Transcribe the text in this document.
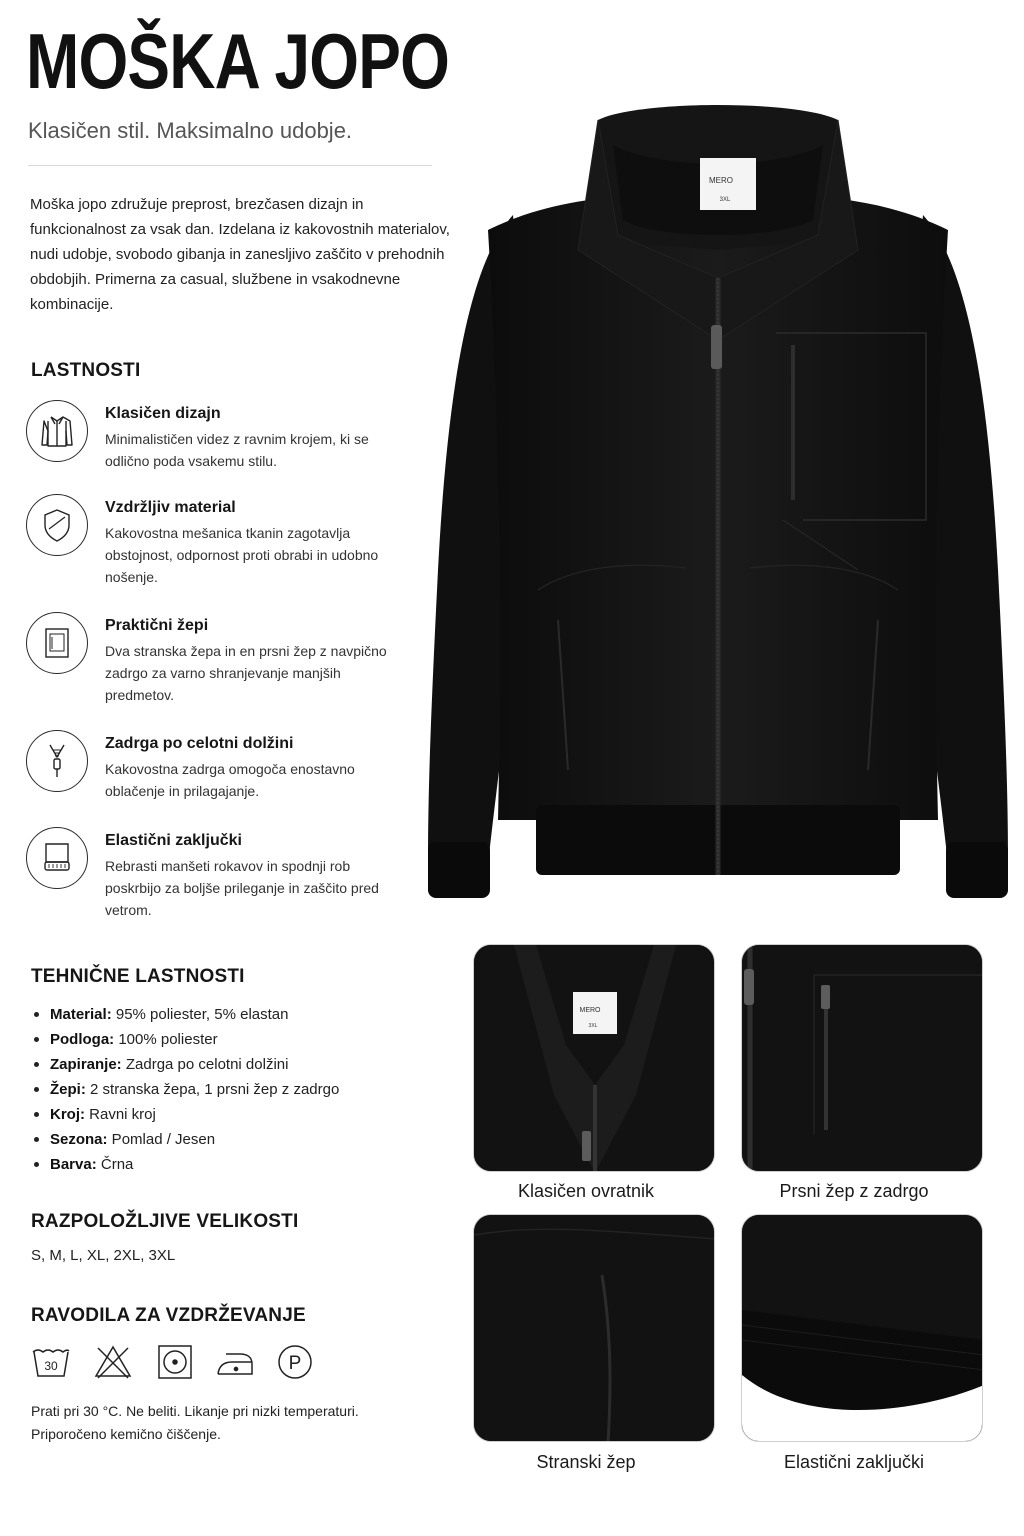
MOŠKA JOPO
Klasičen stil. Maksimalno udobje.
Moška jopo združuje preprost, brezčasen dizajn in funkcionalnost za vsak dan. Izdelana iz kakovostnih materialov, nudi udobje, svobodo gibanja in zanesljivo zaščito v prehodnih obdobjih. Primerna za casual, službene in vsakodnevne kombinacije.
LASTNOSTI
Klasičen dizajn
Minimalističen videz z ravnim krojem, ki se odlično poda vsakemu stilu.
Vzdržljiv material
Kakovostna mešanica tkanin zagotavlja obstojnost, odpornost proti obrabi in udobno nošenje.
Praktični žepi
Dva stranska žepa in en prsni žep z navpično zadrgo za varno shranjevanje manjših predmetov.
Zadrga po celotni dolžini
Kakovostna zadrga omogoča enostavno oblačenje in prilagajanje.
Elastični zaključki
Rebrasti manšeti rokavov in spodnji rob poskrbijo za boljše prileganje in zaščito pred vetrom.
TEHNIČNE LASTNOSTI
Material: 95% poliester, 5% elastan
Podloga: 100% poliester
Zapiranje: Zadrga po celotni dolžini
Žepi: 2 stranska žepa, 1 prsni žep z zadrgo
Kroj: Ravni kroj
Sezona: Pomlad / Jesen
Barva: Črna
RAZPOLOŽLJIVE VELIKOSTI
S, M, L, XL, 2XL, 3XL
RAVODILA ZA VZDRŽEVANJE
30	P
Prati pri 30 °C. Ne beliti. Likanje pri nizki temperaturi.
Priporočeno kemično čiščenje.
MERO
3XL
MERO
3XL
Klasičen ovratnik	Prsni žep z zadrgo
Stranski žep	Elastični zaključki
